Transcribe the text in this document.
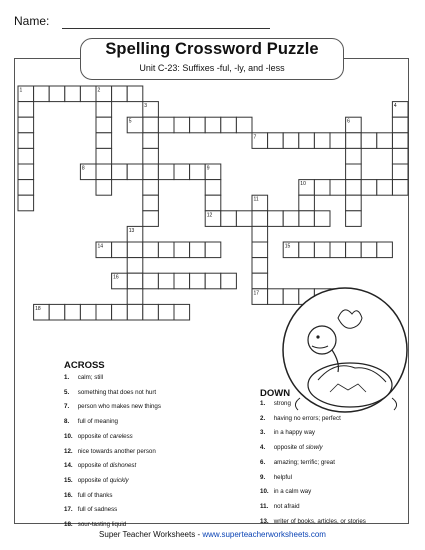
Name:
1	2
3	4
5	6
7
8	9
10
11
12
13
14	15
16
17
18
Spelling Crossword Puzzle
Unit C-23: Suffixes -ful, -ly, and -less
ACROSS
1. calm; still
5. something that does not hurt
7. person who makes new things
8. full of meaning
10. opposite of careless
12. nice towards another person
14. opposite of dishonest
15. opposite of quickly
16. full of thanks
17. full of sadness
18. sour-tasting liquid
DOWN
1. strong
2. having no errors; perfect
3. in a happy way
4. opposite of slowly
6. amazing; terrific; great
9. helpful
10. in a calm way
11. not afraid
13. writer of books, articles, or stories
Super Teacher Worksheets - www.superteacherworksheets.com
